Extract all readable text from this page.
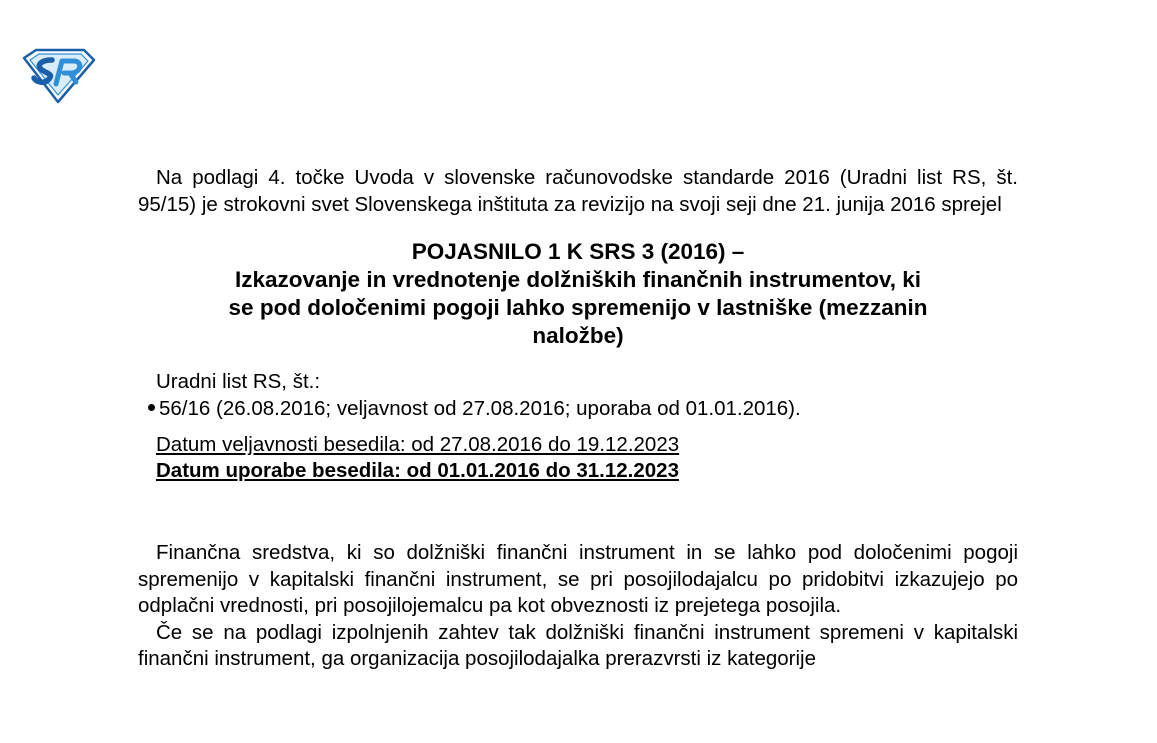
Na podlagi 4. točke Uvoda v slovenske računovodske standarde 2016 (Uradni list RS, št. 95/15) je strokovni svet Slovenskega inštituta za revizijo na svoji seji dne 21. junija 2016 sprejel

POJASNILO 1 K SRS 3 (2016) –
Izkazovanje in vrednotenje dolžniških finančnih instrumentov, ki
se pod določenimi pogoji lahko spremenijo v lastniške (mezzanin
naložbe)
Uradni list RS, št.:
56/16 (26.08.2016; veljavnost od 27.08.2016; uporaba od 01.01.2016).
Datum veljavnosti besedila: od 27.08.2016 do 19.12.2023
Datum uporabe besedila: od 01.01.2016 do 31.12.2023

Finančna sredstva, ki so dolžniški finančni instrument in se lahko pod določenimi pogoji spremenijo v kapitalski finančni instrument, se pri posojilodajalcu po pridobitvi izkazujejo po odplačni vrednosti, pri posojilojemalcu pa kot obveznosti iz prejetega posojila.

Če se na podlagi izpolnjenih zahtev tak dolžniški finančni instrument spremeni v kapitalski finančni instrument, ga organizacija posojilodajalka prerazvrsti iz kategorije
